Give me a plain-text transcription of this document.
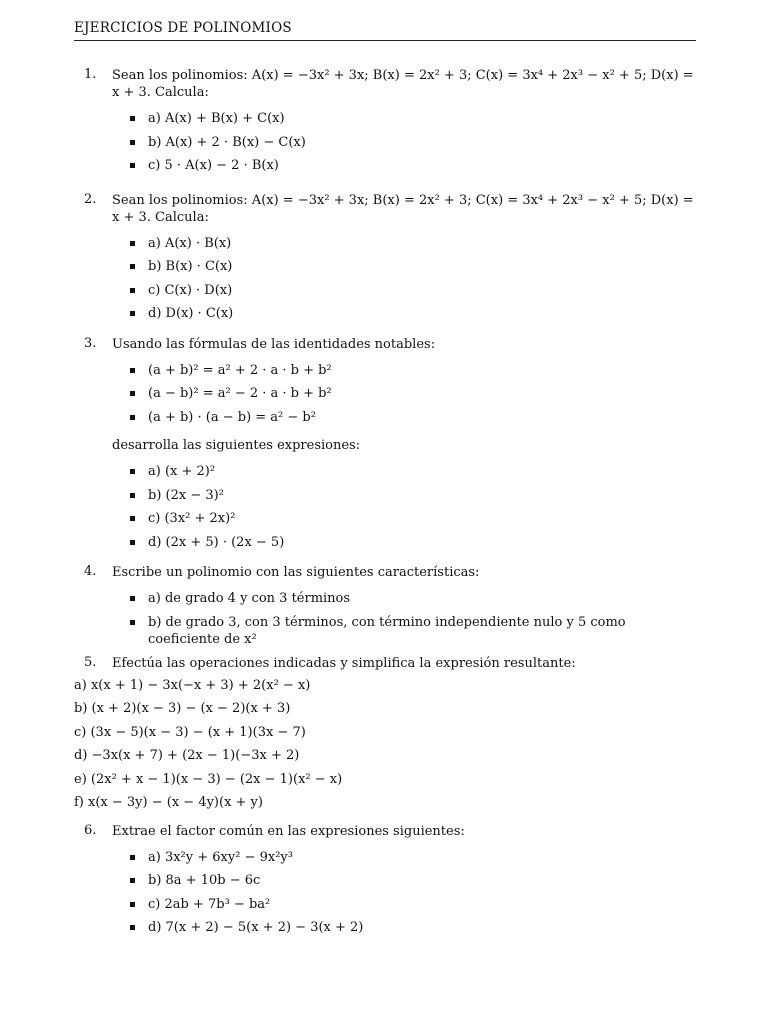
EJERCICIOS DE POLINOMIOS
1. Sean los polinomios: A(x) = −3x² + 3x; B(x) = 2x² + 3; C(x) = 3x⁴ + 2x³ − x² + 5; D(x) = x + 3. Calcula:
a) A(x) + B(x) + C(x)
b) A(x) + 2 · B(x) − C(x)
c) 5 · A(x) − 2 · B(x)
2. Sean los polinomios: A(x) = −3x² + 3x; B(x) = 2x² + 3; C(x) = 3x⁴ + 2x³ − x² + 5; D(x) = x + 3. Calcula:
a) A(x) · B(x)
b) B(x) · C(x)
c) C(x) · D(x)
d) D(x) · C(x)
3. Usando las fórmulas de las identidades notables:
(a + b)² = a² + 2 · a · b + b²
(a − b)² = a² − 2 · a · b + b²
(a + b) · (a − b) = a² − b²
desarrolla las siguientes expresiones:
a) (x + 2)²
b) (2x − 3)²
c) (3x² + 2x)²
d) (2x + 5) · (2x − 5)
4. Escribe un polinomio con las siguientes características:
a) de grado 4 y con 3 términos
b) de grado 3, con 3 términos, con término independiente nulo y 5 como coeficiente de x²
5. Efectúa las operaciones indicadas y simplifica la expresión resultante:
a) x(x + 1) − 3x(−x + 3) + 2(x² − x)
b) (x + 2)(x − 3) − (x − 2)(x + 3)
c) (3x − 5)(x − 3) − (x + 1)(3x − 7)
d) −3x(x + 7) + (2x − 1)(−3x + 2)
e) (2x² + x − 1)(x − 3) − (2x − 1)(x² − x)
f) x(x − 3y) − (x − 4y)(x + y)
6. Extrae el factor común en las expresiones siguientes:
a) 3x²y + 6xy² − 9x²y³
b) 8a + 10b − 6c
c) 2ab + 7b³ − ba²
d) 7(x + 2) − 5(x + 2) − 3(x + 2)
